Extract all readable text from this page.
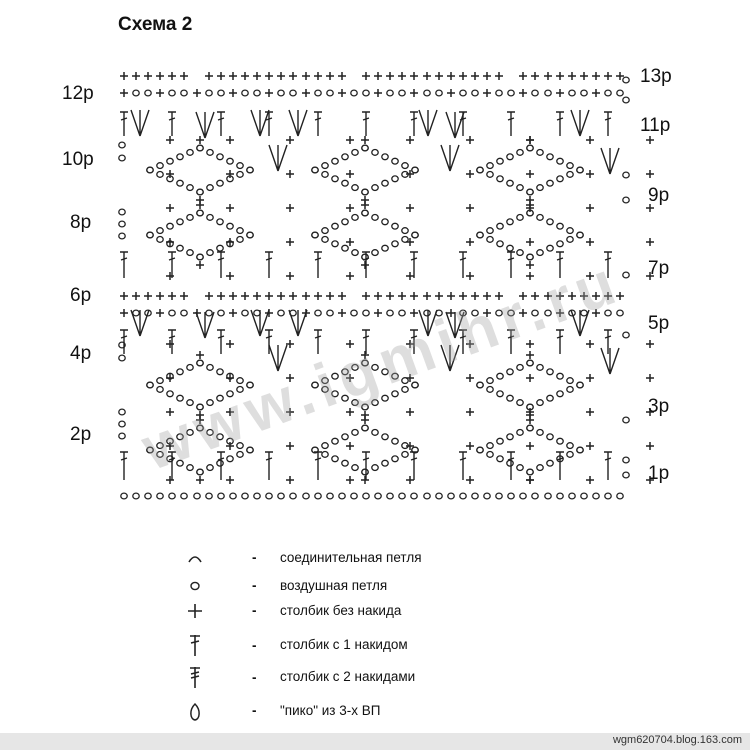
Схема 2
www.igmihr.ru
12р
10р
8р
6р
4р
2р
13р
11р
9р
7р
5р
3р
1р
- соединительная петля
- воздушная петля
- столбик без накида
- столбик с 1 накидом
- столбик с 2 накидами
- "пико" из 3-х ВП
wgm620704.blog.163.com
